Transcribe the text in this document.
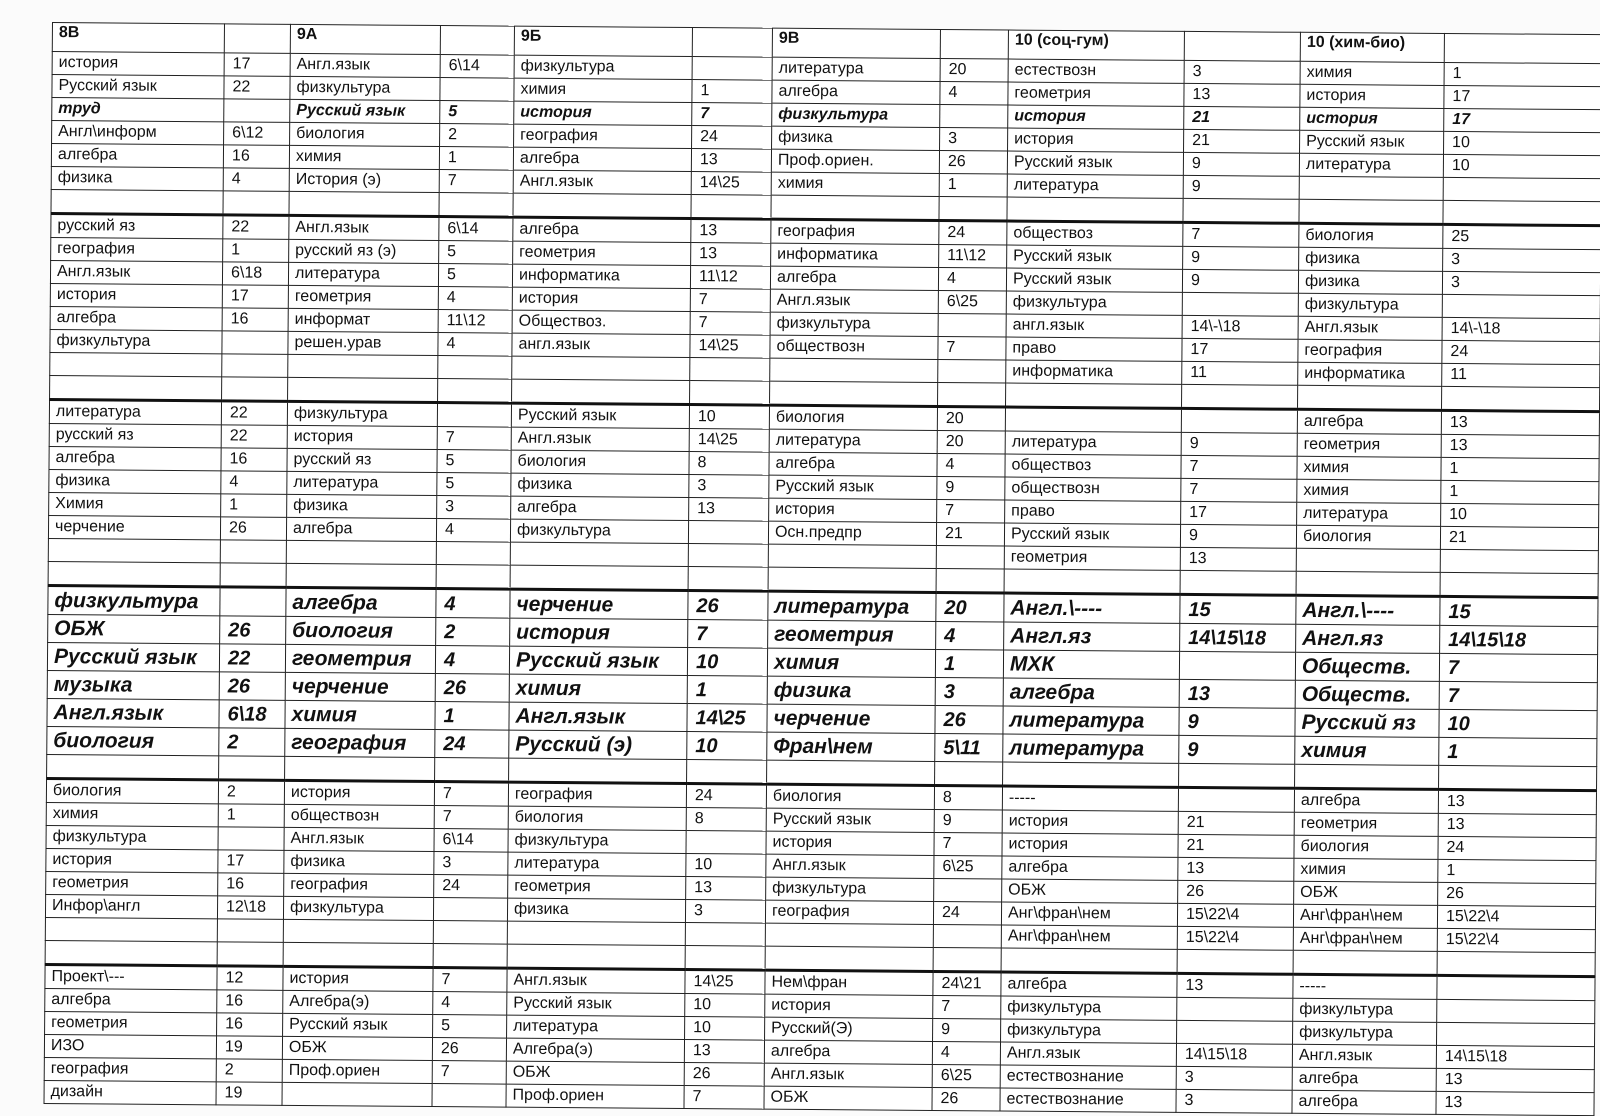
8В		9А		9Б		9В		10 (соц-гум)		10 (хим-био)	
история	17	Англ.язык	6\14	физкультура		литература	20	естествозн	3	химия	1
Русский язык	22	физкультура		химия	1	алгебра	4	геометрия	13	история	17
труд		Русский язык	5	история	7	физкультура		история	21	история	17
Англ\информ	6\12	биология	2	география	24	физика	3	история	21	Русский язык	10
алгебра	16	химия	1	алгебра	13	Проф.ориен.	26	Русский язык	9	литература	10
физика	4	История (э)	7	Англ.язык	14\25	химия	1	литература	9		

русский яз	22	Англ.язык	6\14	алгебра	13	география	24	обществоз	7	биология	25
география	1	русский яз (э)	5	геометрия	13	информатика	11\12	Русский язык	9	физика	3
Англ.язык	6\18	литература	5	информатика	11\12	алгебра	4	Русский язык	9	физика	3
история	17	геометрия	4	история	7	Англ.язык	6\25	физкультура		физкультура	
алгебра	16	информат	11\12	Обществоз.	7	физкультура		англ.язык	14\-\18	Англ.язык	14\-\18
физкультура		решен.урав	4	англ.язык	14\25	обществозн	7	право	17	география	24
								информатика	11	информатика	11

литература	22	физкультура		Русский язык	10	биология	20			алгебра	13
русский яз	22	история	7	Англ.язык	14\25	литература	20	литература	9	геометрия	13
алгебра	16	русский яз	5	биология	8	алгебра	4	обществоз	7	химия	1
физика	4	литература	5	физика	3	Русский язык	9	обществозн	7	химия	1
Химия	1	физика	3	алгебра	13	история	7	право	17	литература	10
черчение	26	алгебра	4	физкультура		Осн.предпр	21	Русский язык	9	биология	21
								геометрия	13		

физкультура		алгебра	4	черчение	26	литература	20	Англ.\----	15	Англ.\----	15
ОБЖ	26	биология	2	история	7	геометрия	4	Англ.яз	14\15\18	Англ.яз	14\15\18
Русский язык	22	геометрия	4	Русский язык	10	химия	1	МХК		Обществ.	7
музыка	26	черчение	26	химия	1	физика	3	алгебра	13	Обществ.	7
Англ.язык	6\18	химия	1	Англ.язык	14\25	черчение	26	литература	9	Русский яз	10
биология	2	география	24	Русский (э)	10	Фран\нем	5\11	литература	9	химия	1

биология	2	история	7	география	24	биология	8	-----		алгебра	13
химия	1	обществозн	7	биология	8	Русский язык	9	история	21	геометрия	13
физкультура		Англ.язык	6\14	физкультура		история	7	история	21	биология	24
история	17	физика	3	литература	10	Англ.язык	6\25	алгебра	13	химия	1
геометрия	16	география	24	геометрия	13	физкультура		ОБЖ	26	ОБЖ	26
Инфор\англ	12\18	физкультура		физика	3	география	24	Анг\фран\нем	15\22\4	Анг\фран\нем	15\22\4
								Анг\фран\нем	15\22\4	Анг\фран\нем	15\22\4

Проект\---	12	история	7	Англ.язык	14\25	Нем\фран	24\21	алгебра	13	-----	
алгебра	16	Алгебра(э)	4	Русский язык	10	история	7	физкультура		физкультура	
геометрия	16	Русский язык	5	литература	10	Русский(Э)	9	физкультура		физкультура	
ИЗО	19	ОБЖ	26	Алгебра(э)	13	алгебра	4	Англ.язык	14\15\18	Англ.язык	14\15\18
география	2	Проф.ориен	7	ОБЖ	26	Англ.язык	6\25	естествознание	3	алгебра	13
дизайн	19			Проф.ориен	7	ОБЖ	26	естествознание	3	алгебра	13
